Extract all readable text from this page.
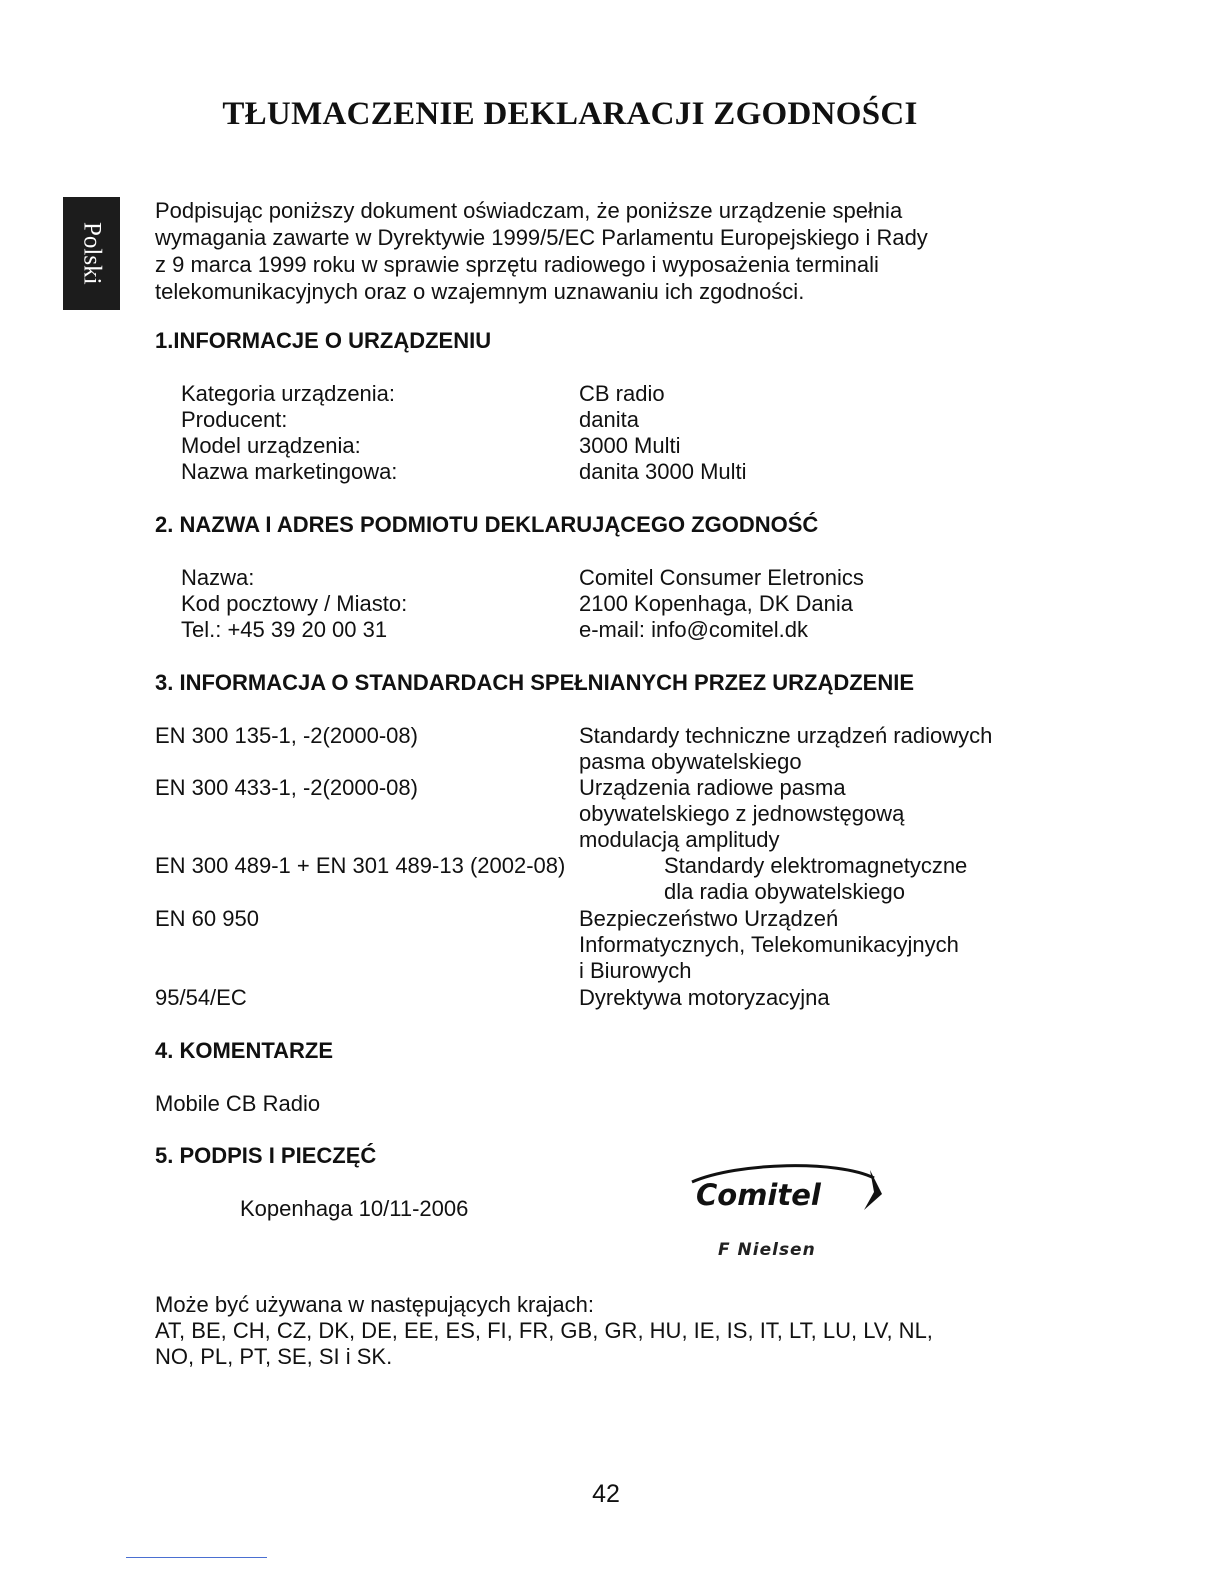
TŁUMACZENIE DEKLARACJI ZGODNOŚCI
Polski
Podpisując poniższy dokument oświadczam, że poniższe urządzenie spełnia
wymagania zawarte w Dyrektywie 1999/5/EC Parlamentu Europejskiego i Rady
z 9 marca 1999 roku w sprawie sprzętu radiowego i wyposażenia terminali
telekomunikacyjnych oraz o wzajemnym uznawaniu ich zgodności.
1.INFORMACJE O URZĄDZENIU
Kategoria urządzenia:	CB radio
Producent:	danita
Model urządzenia:	3000 Multi
Nazwa marketingowa:	danita 3000 Multi
2. NAZWA I ADRES PODMIOTU DEKLARUJĄCEGO ZGODNOŚĆ
Nazwa:	Comitel Consumer Eletronics
Kod pocztowy / Miasto:	2100 Kopenhaga, DK Dania
Tel.: +45 39 20 00 31	e-mail: info@comitel.dk
3. INFORMACJA O STANDARDACH SPEŁNIANYCH PRZEZ URZĄDZENIE
EN 300 135-1, -2(2000-08)	Standardy techniczne urządzeń radiowych
pasma obywatelskiego
EN 300 433-1, -2(2000-08)	Urządzenia radiowe pasma
obywatelskiego z jednowstęgową
modulacją amplitudy
EN 300 489-1 + EN 301 489-13 (2002-08)	Standardy elektromagnetyczne
dla radia obywatelskiego
EN 60 950	Bezpieczeństwo Urządzeń
Informatycznych, Telekomunikacyjnych
i Biurowych
95/54/EC	Dyrektywa motoryzacyjna
4. KOMENTARZE
Mobile CB Radio
5. PODPIS I PIECZĘĆ
Kopenhaga 10/11-2006	Comitel
F Nielsen
Może być używana w następujących krajach:
AT, BE, CH, CZ, DK, DE, EE, ES, FI, FR, GB, GR, HU, IE, IS, IT, LT, LU, LV, NL,
NO, PL, PT, SE, SI i SK.
42
